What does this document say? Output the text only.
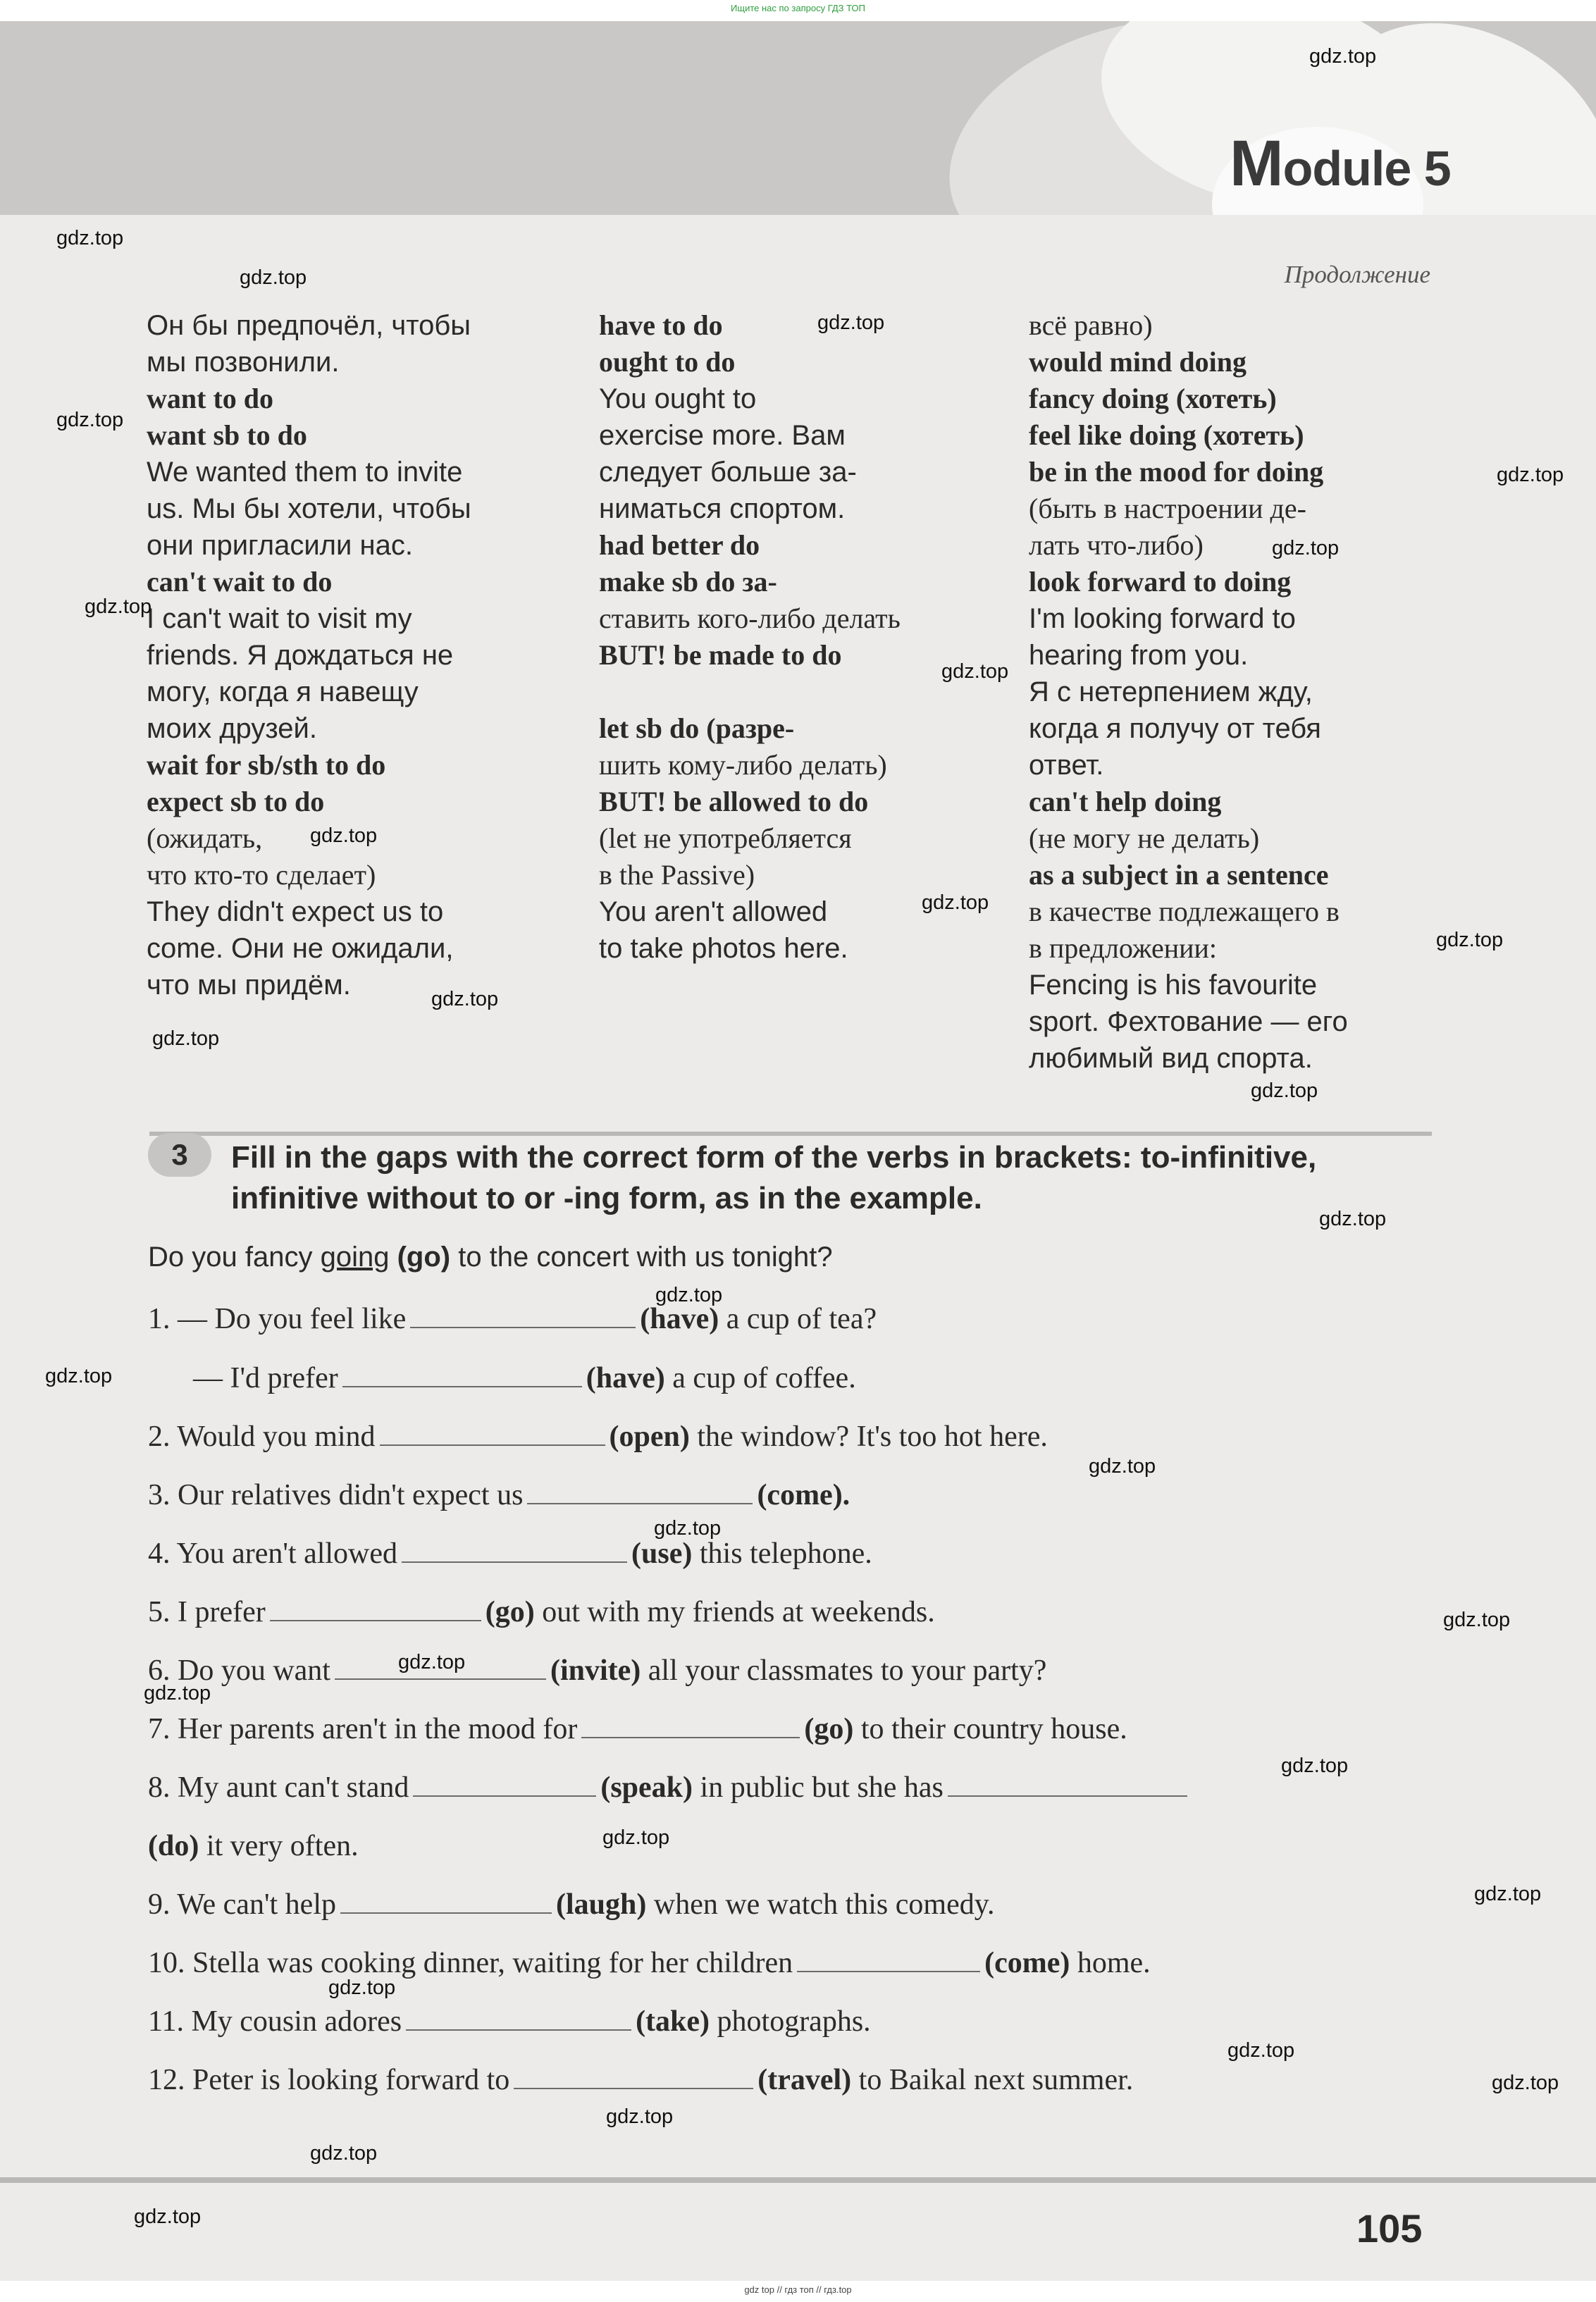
Ищите нас по запросу ГДЗ ТОП
Module 5
Продолжение
Он бы предпочёл, чтобы
мы позвонили.
want to do
want sb to do
We wanted them to invite
us. Мы бы хотели, чтобы
они пригласили нас.
can't wait to do
I can't wait to visit my
friends. Я дождаться не
могу, когда я навещу
моих друзей.
wait for sb/sth to do
expect sb to do
(ожидать,
что кто-то сделает)
They didn't expect us to
come. Они не ожидали,
что мы придём.
have to do
ought to do
You ought to
exercise more. Вам
следует больше за-
ниматься спортом.
had better do
make sb do за-
ставить кого-либо делать
BUT! be made to do
let sb do (разре-
шить кому-либо делать)
BUT! be allowed to do
(let не употребляется
в the Passive)
You aren't allowed
to take photos here.
всё равно)
would mind doing
fancy doing (хотеть)
feel like doing (хотеть)
be in the mood for doing
(быть в настроении де-
лать что-либо)
look forward to doing
I'm looking forward to
hearing from you.
Я с нетерпением жду,
когда я получу от тебя
ответ.
can't help doing
(не могу не делать)
as a subject in a sentence
в качестве подлежащего в
в предложении:
Fencing is his favourite
sport. Фехтование — его
любимый вид спорта.
3	Fill in the gaps with the correct form of the verbs in brackets: to-infinitive, infinitive without to or -ing form, as in the example.
Do you fancy going (go) to the concert with us tonight?
1. — Do you feel like	(have) a cup of tea?
— I'd prefer	(have) a cup of coffee.
2. Would you mind	(open) the window? It's too hot here.
3. Our relatives didn't expect us	(come).
4. You aren't allowed	(use) this telephone.
5. I prefer	(go) out with my friends at weekends.
6. Do you want	(invite) all your classmates to your party?
7. Her parents aren't in the mood for	(go) to their country house.
8. My aunt can't stand	(speak) in public but she has
(do) it very often.
9. We can't help	(laugh) when we watch this comedy.
10. Stella was cooking dinner, waiting for her children	(come) home.
11. My cousin adores	(take) photographs.
12. Peter is looking forward to	(travel) to Baikal next summer.
105
gdz.top
gdz.top
gdz.top
gdz.top
gdz.top
gdz.top
gdz.top
gdz.top
gdz.top
gdz.top
gdz.top
gdz.top
gdz.top
gdz.top
gdz.top
gdz.top
gdz.top
gdz.top
gdz.top
gdz.top
gdz.top
gdz.top
gdz.top
gdz.top
gdz.top
gdz.top
gdz.top
gdz.top
gdz.top
gdz.top
gdz.top
gdz.top
gdz top // гдз топ // гдз.top
